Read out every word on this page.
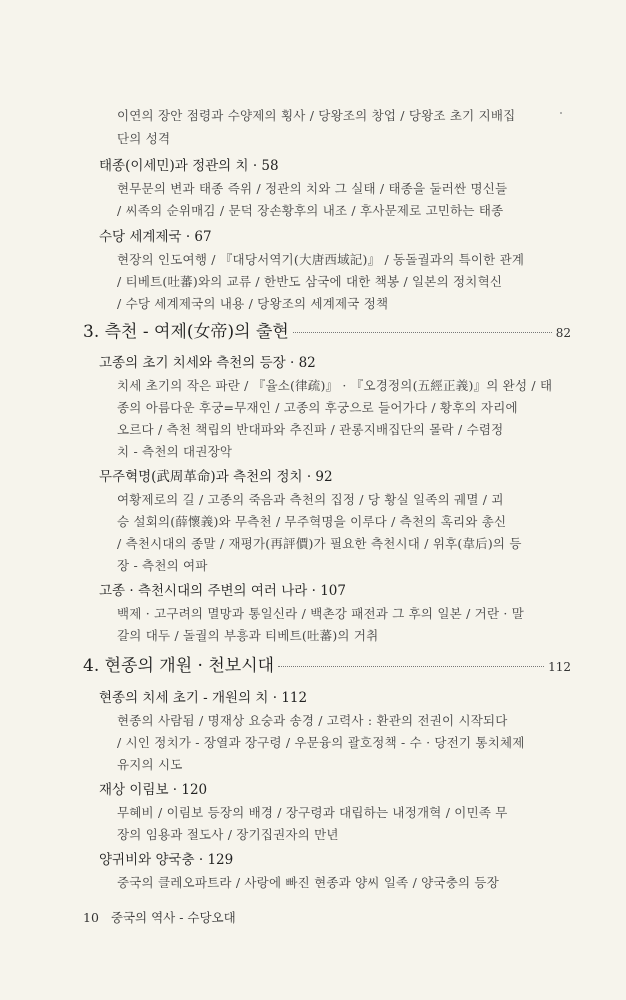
이연의 장안 점령과 수양제의 횡사 / 당왕조의 창업 / 당왕조 초기 지배집
단의 성격
태종(이세민)과 정관의 치 · 58
현무문의 변과 태종 즉위 / 정관의 치와 그 실태 / 태종을 둘러싼 명신들
/ 씨족의 순위매김 / 문덕 장손황후의 내조 / 후사문제로 고민하는 태종
수당 세계제국 · 67
현장의 인도여행 / 『대당서역기(大唐西域記)』 / 동돌궐과의 특이한 관계
/ 티베트(吐蕃)와의 교류 / 한반도 삼국에 대한 책봉 / 일본의 정치혁신
/ 수당 세계제국의 내용 / 당왕조의 세계제국 정책
3. 측천 - 여제(女帝)의 출현	82
고종의 초기 치세와 측천의 등장 · 82
치세 초기의 작은 파란 / 『율소(律疏)』 · 『오경정의(五經正義)』의 완성 / 태
종의 아름다운 후궁=무재인 / 고종의 후궁으로 들어가다 / 황후의 자리에
오르다 / 측천 책립의 반대파와 추진파 / 관롱지배집단의 몰락 / 수렴정
치 - 측천의 대권장악
무주혁명(武周革命)과 측천의 정치 · 92
여황제로의 길 / 고종의 죽음과 측천의 집정 / 당 황실 일족의 궤멸 / 괴
승 설회의(薛懷義)와 무측천 / 무주혁명을 이루다 / 측천의 혹리와 총신
/ 측천시대의 종말 / 재평가(再評價)가 필요한 측천시대 / 위후(韋后)의 등
장 - 측천의 여파
고종 · 측천시대의 주변의 여러 나라 · 107
백제 · 고구려의 멸망과 통일신라 / 백촌강 패전과 그 후의 일본 / 거란 · 말
갈의 대두 / 돌궐의 부흥과 티베트(吐蕃)의 거취
4. 현종의 개원 · 천보시대	112
현종의 치세 초기 - 개원의 치 · 112
현종의 사람됨 / 명재상 요숭과 송경 / 고력사 : 환관의 전권이 시작되다
/ 시인 정치가 - 장열과 장구령 / 우문융의 괄호정책 - 수 · 당전기 통치체제
유지의 시도
재상 이림보 · 120
무혜비 / 이림보 등장의 배경 / 장구령과 대립하는 내정개혁 / 이민족 무
장의 임용과 절도사 / 장기집권자의 만년
양귀비와 양국충 · 129
중국의 클레오파트라 / 사랑에 빠진 현종과 양씨 일족 / 양국충의 등장
10 중국의 역사 - 수당오대
